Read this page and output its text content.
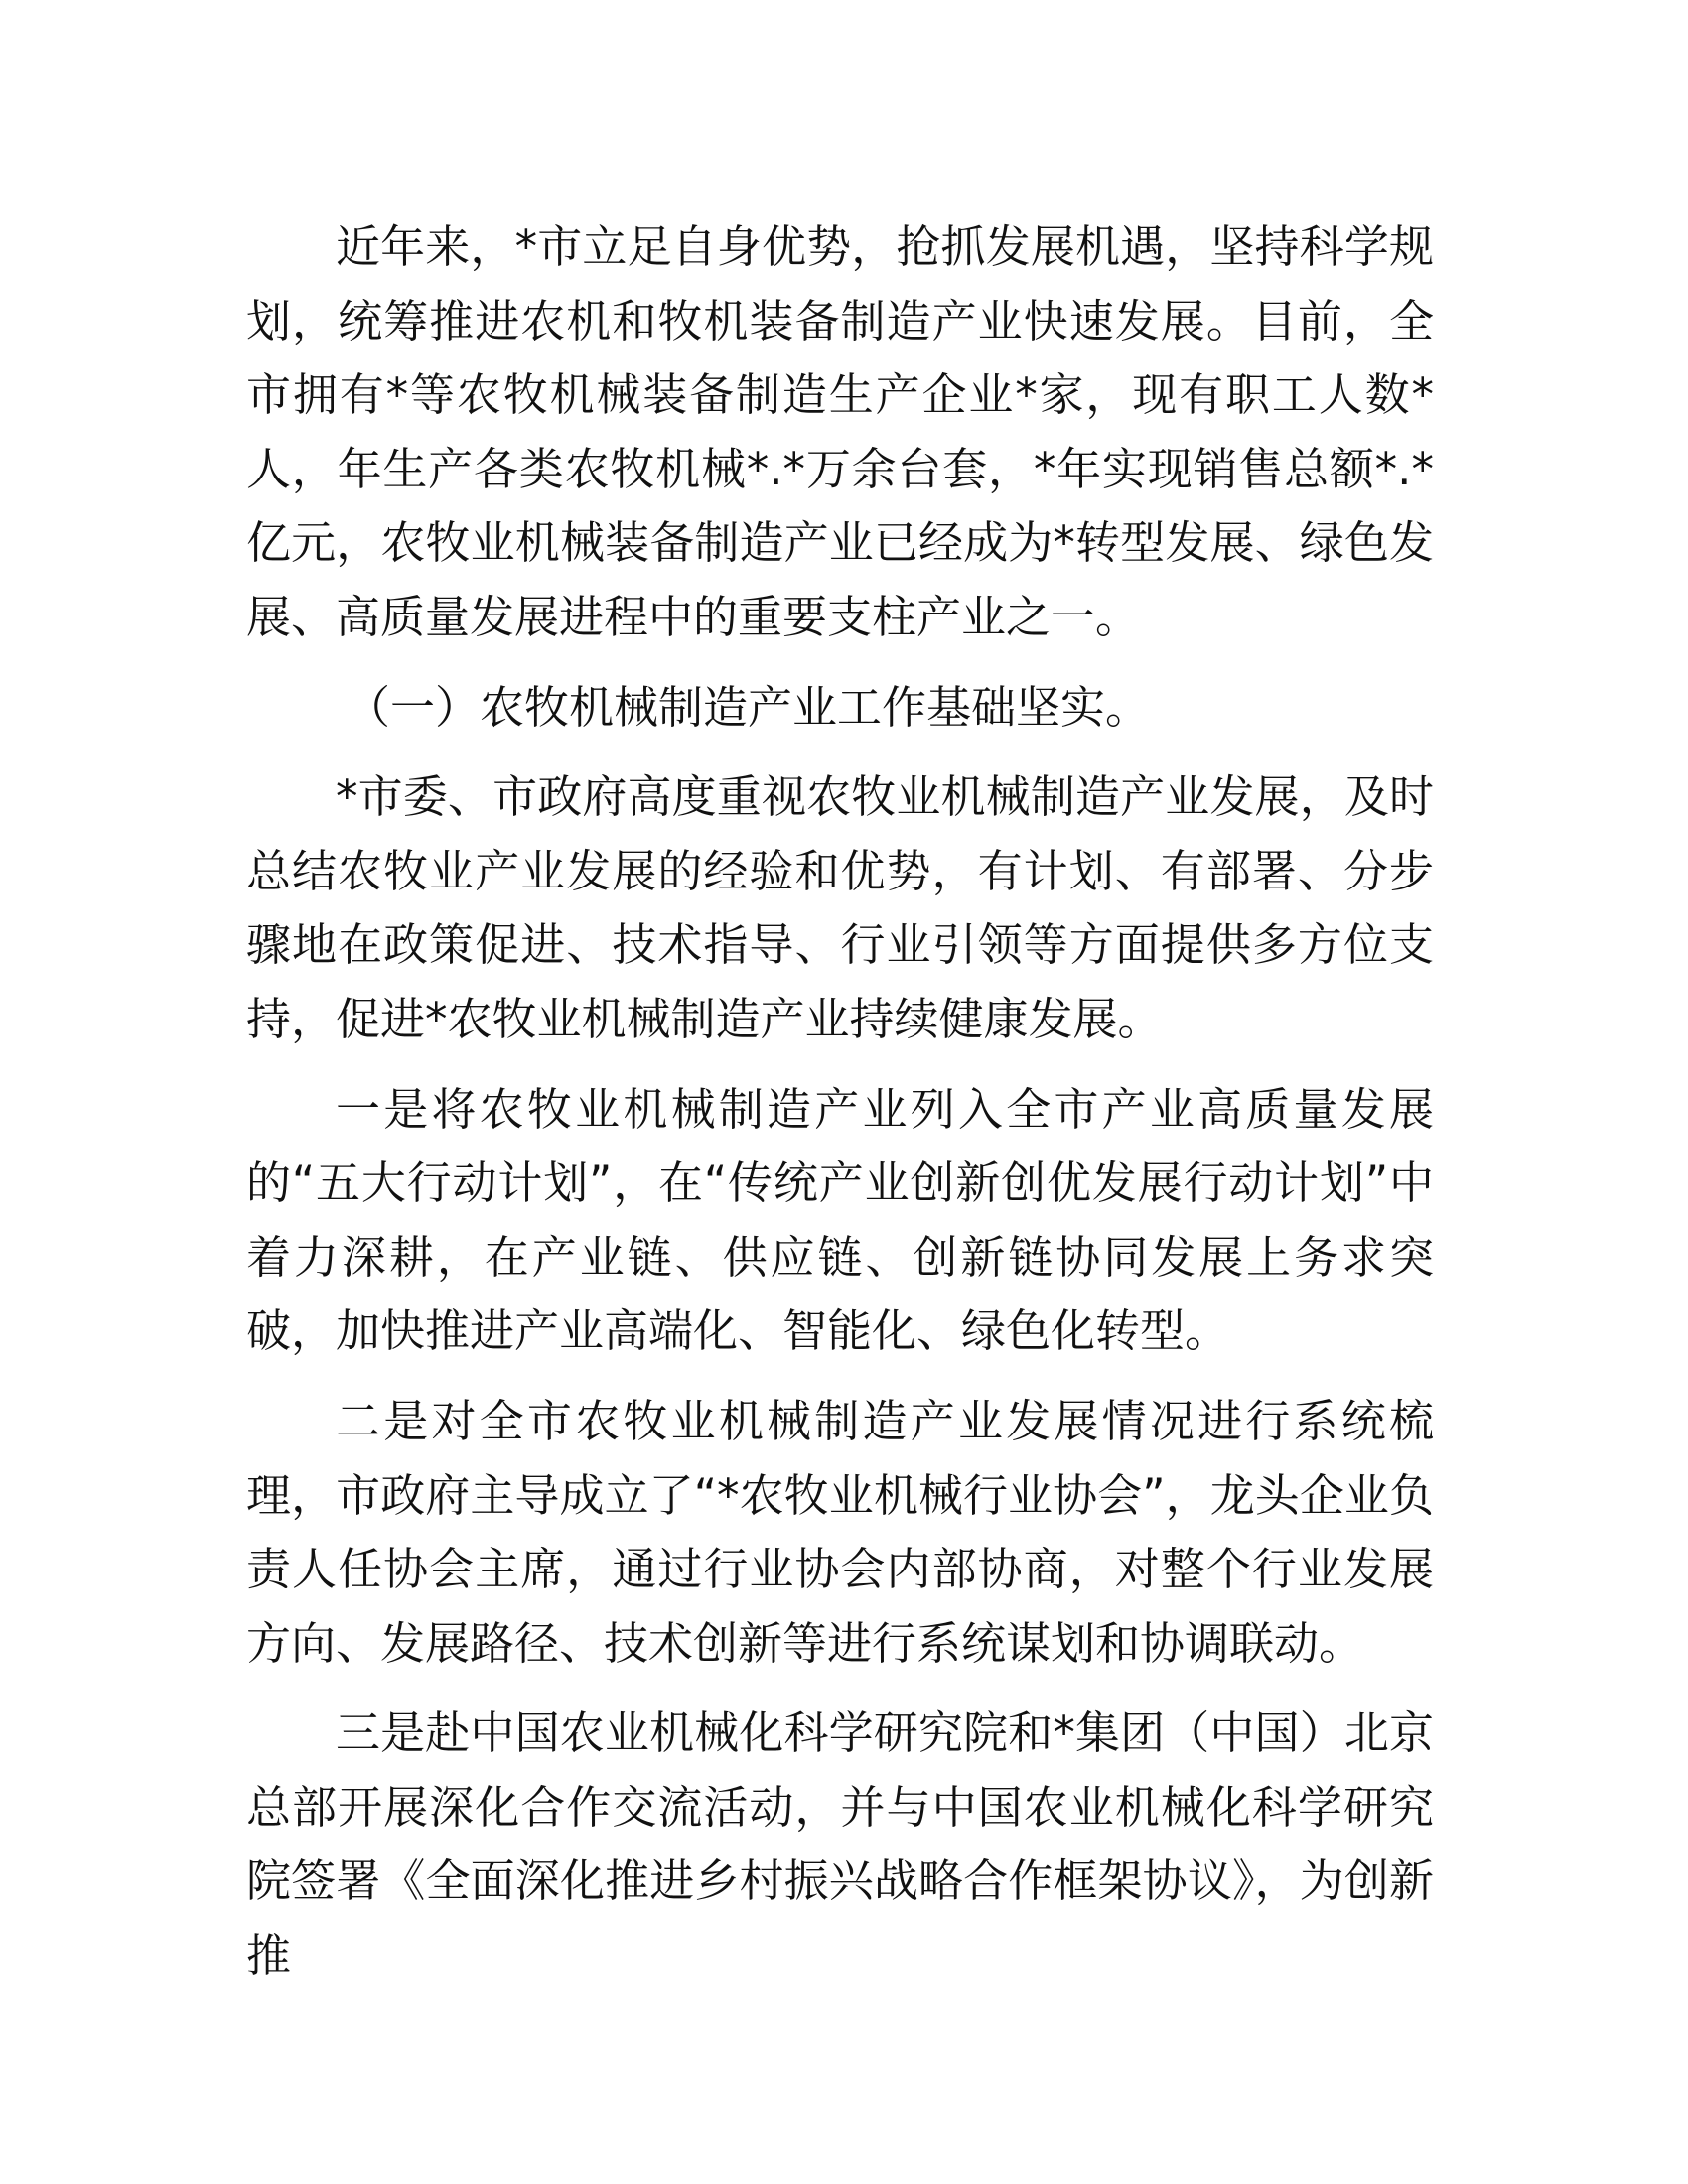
近年来，*市立足自身优势，抢抓发展机遇，坚持科学规划，统筹推进农机和牧机装备制造产业快速发展。目前，全市拥有*等农牧机械装备制造生产企业*家，现有职工人数*人，年生产各类农牧机械*.*万余台套，*年实现销售总额*.*亿元，农牧业机械装备制造产业已经成为*转型发展、绿色发展、高质量发展进程中的重要支柱产业之一。

（一）农牧机械制造产业工作基础坚实。

*市委、市政府高度重视农牧业机械制造产业发展，及时总结农牧业产业发展的经验和优势，有计划、有部署、分步骤地在政策促进、技术指导、行业引领等方面提供多方位支持，促进*农牧业机械制造产业持续健康发展。

一是将农牧业机械制造产业列入全市产业高质量发展的“五大行动计划”，在“传统产业创新创优发展行动计划”中着力深耕，在产业链、供应链、创新链协同发展上务求突破，加快推进产业高端化、智能化、绿色化转型。

二是对全市农牧业机械制造产业发展情况进行系统梳理，市政府主导成立了“*农牧业机械行业协会”，龙头企业负责人任协会主席，通过行业协会内部协商，对整个行业发展方向、发展路径、技术创新等进行系统谋划和协调联动。

三是赴中国农业机械化科学研究院和*集团（中国）北京总部开展深化合作交流活动，并与中国农业机械化科学研究院签署《全面深化推进乡村振兴战略合作框架协议》，为创新推
